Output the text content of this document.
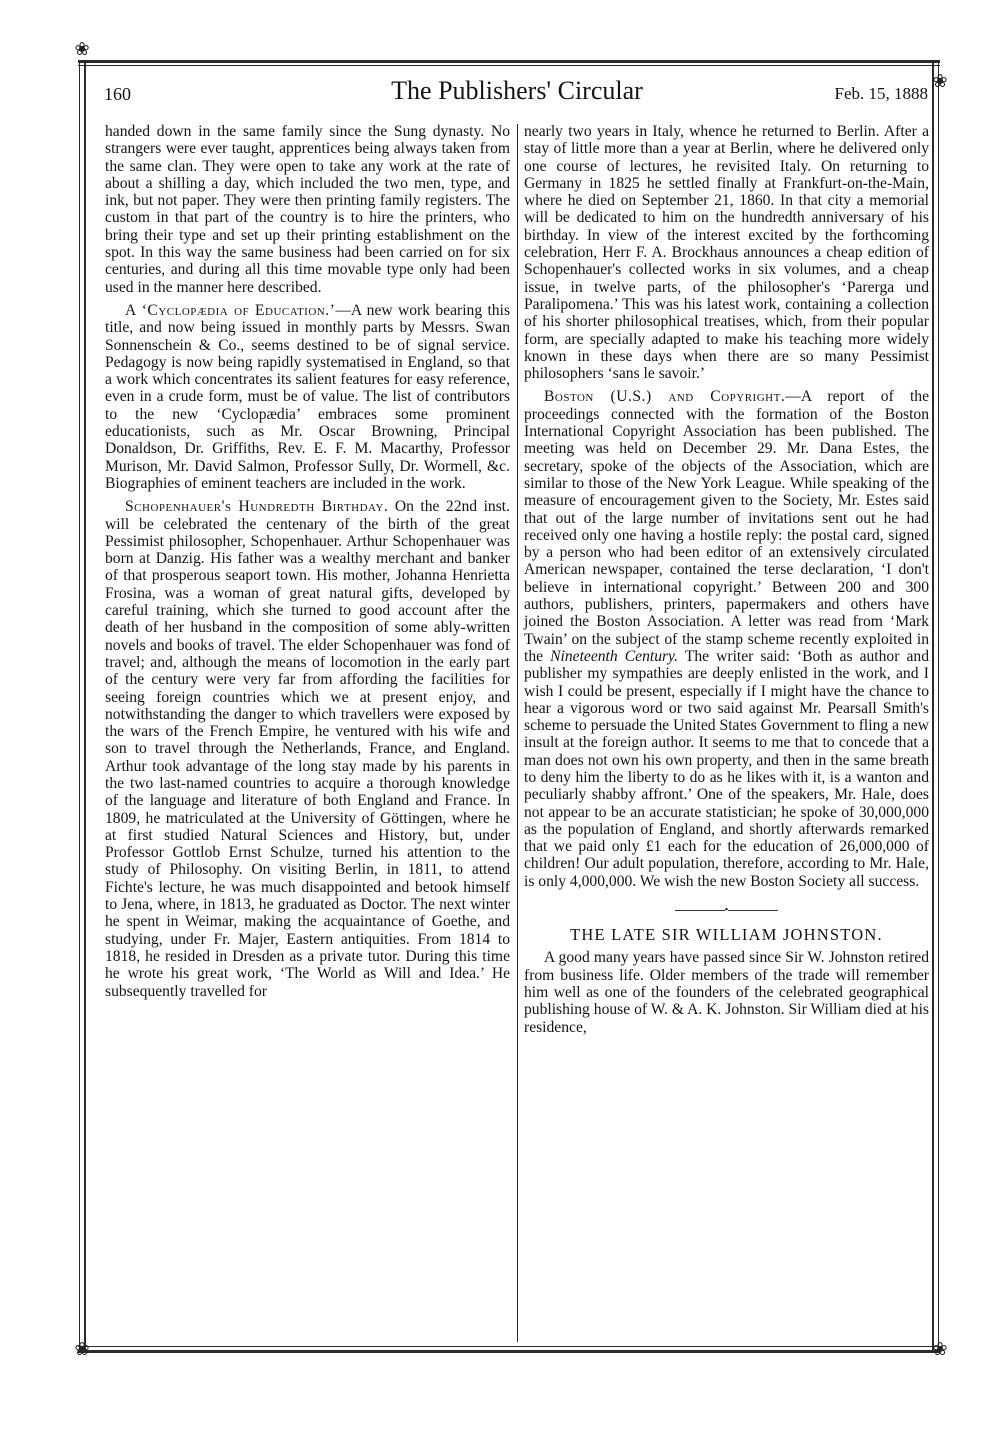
❀
❀
❀	❀
160	The Publishers' Circular	Feb. 15, 1888

handed down in the same family since the Sung dynasty. No strangers were ever taught, apprentices being always taken from the same clan. They were open to take any work at the rate of about a shilling a day, which included the two men, type, and ink, but not paper. They were then printing family registers. The custom in that part of the country is to hire the printers, who bring their type and set up their printing establishment on the spot. In this way the same business had been carried on for six centuries, and during all this time movable type only had been used in the manner here described.

A ‘Cyclopædia of Education.’—A new work bearing this title, and now being issued in monthly parts by Messrs. Swan Sonnenschein & Co., seems destined to be of signal service. Pedagogy is now being rapidly systematised in England, so that a work which concentrates its salient features for easy reference, even in a crude form, must be of value. The list of contributors to the new ‘Cyclopædia’ embraces some prominent educationists, such as Mr. Oscar Browning, Principal Donaldson, Dr. Griffiths, Rev. E. F. M. Macarthy, Professor Murison, Mr. David Salmon, Professor Sully, Dr. Wormell, &c. Biographies of eminent teachers are included in the work.

Schopenhauer's Hundredth Birthday. On the 22nd inst. will be celebrated the centenary of the birth of the great Pessimist philosopher, Schopenhauer. Arthur Schopenhauer was born at Danzig. His father was a wealthy merchant and banker of that prosperous seaport town. His mother, Johanna Henrietta Frosina, was a woman of great natural gifts, developed by careful training, which she turned to good account after the death of her husband in the composition of some ably-written novels and books of travel. The elder Schopenhauer was fond of travel; and, although the means of locomotion in the early part of the century were very far from affording the facilities for seeing foreign countries which we at present enjoy, and notwithstanding the danger to which travellers were exposed by the wars of the French Empire, he ventured with his wife and son to travel through the Netherlands, France, and England. Arthur took advantage of the long stay made by his parents in the two last-named countries to acquire a thorough knowledge of the language and literature of both England and France. In 1809, he matriculated at the University of Göttingen, where he at first studied Natural Sciences and History, but, under Professor Gottlob Ernst Schulze, turned his attention to the study of Philosophy. On visiting Berlin, in 1811, to attend Fichte's lecture, he was much disappointed and betook himself to Jena, where, in 1813, he graduated as Doctor. The next winter he spent in Weimar, making the acquaintance of Goethe, and studying, under Fr. Majer, Eastern antiquities. From 1814 to 1818, he resided in Dresden as a private tutor. During this time he wrote his great work, ‘The World as Will and Idea.’ He subsequently travelled for

nearly two years in Italy, whence he returned to Berlin. After a stay of little more than a year at Berlin, where he delivered only one course of lectures, he revisited Italy. On returning to Germany in 1825 he settled finally at Frankfurt-on-the-Main, where he died on September 21, 1860. In that city a memorial will be dedicated to him on the hundredth anniversary of his birthday. In view of the interest excited by the forthcoming celebration, Herr F. A. Brockhaus announces a cheap edition of Schopenhauer's collected works in six volumes, and a cheap issue, in twelve parts, of the philosopher's ‘Parerga und Paralipomena.’ This was his latest work, containing a collection of his shorter philosophical treatises, which, from their popular form, are specially adapted to make his teaching more widely known in these days when there are so many Pessimist philosophers ‘sans le savoir.’

Boston (U.S.) and Copyright.—A report of the proceedings connected with the formation of the Boston International Copyright Association has been published. The meeting was held on December 29. Mr. Dana Estes, the secretary, spoke of the objects of the Association, which are similar to those of the New York League. While speaking of the measure of encouragement given to the Society, Mr. Estes said that out of the large number of invitations sent out he had received only one having a hostile reply: the postal card, signed by a person who had been editor of an extensively circulated American newspaper, contained the terse declaration, ‘I don't believe in international copyright.’ Between 200 and 300 authors, publishers, printers, papermakers and others have joined the Boston Association. A letter was read from ‘Mark Twain’ on the subject of the stamp scheme recently exploited in the Nineteenth Century. The writer said: ‘Both as author and publisher my sympathies are deeply enlisted in the work, and I wish I could be present, especially if I might have the chance to hear a vigorous word or two said against Mr. Pearsall Smith's scheme to persuade the United States Government to fling a new insult at the foreign author. It seems to me that to concede that a man does not own his own property, and then in the same breath to deny him the liberty to do as he likes with it, is a wanton and peculiarly shabby affront.’ One of the speakers, Mr. Hale, does not appear to be an accurate statistician; he spoke of 30,000,000 as the population of England, and shortly afterwards remarked that we paid only £1 each for the education of 26,000,000 of children! Our adult population, therefore, according to Mr. Hale, is only 4,000,000. We wish the new Boston Society all success.

•
THE LATE SIR WILLIAM JOHNSTON.

A good many years have passed since Sir W. Johnston retired from business life. Older members of the trade will remember him well as one of the founders of the celebrated geographical publishing house of W. & A. K. Johnston. Sir William died at his residence,
